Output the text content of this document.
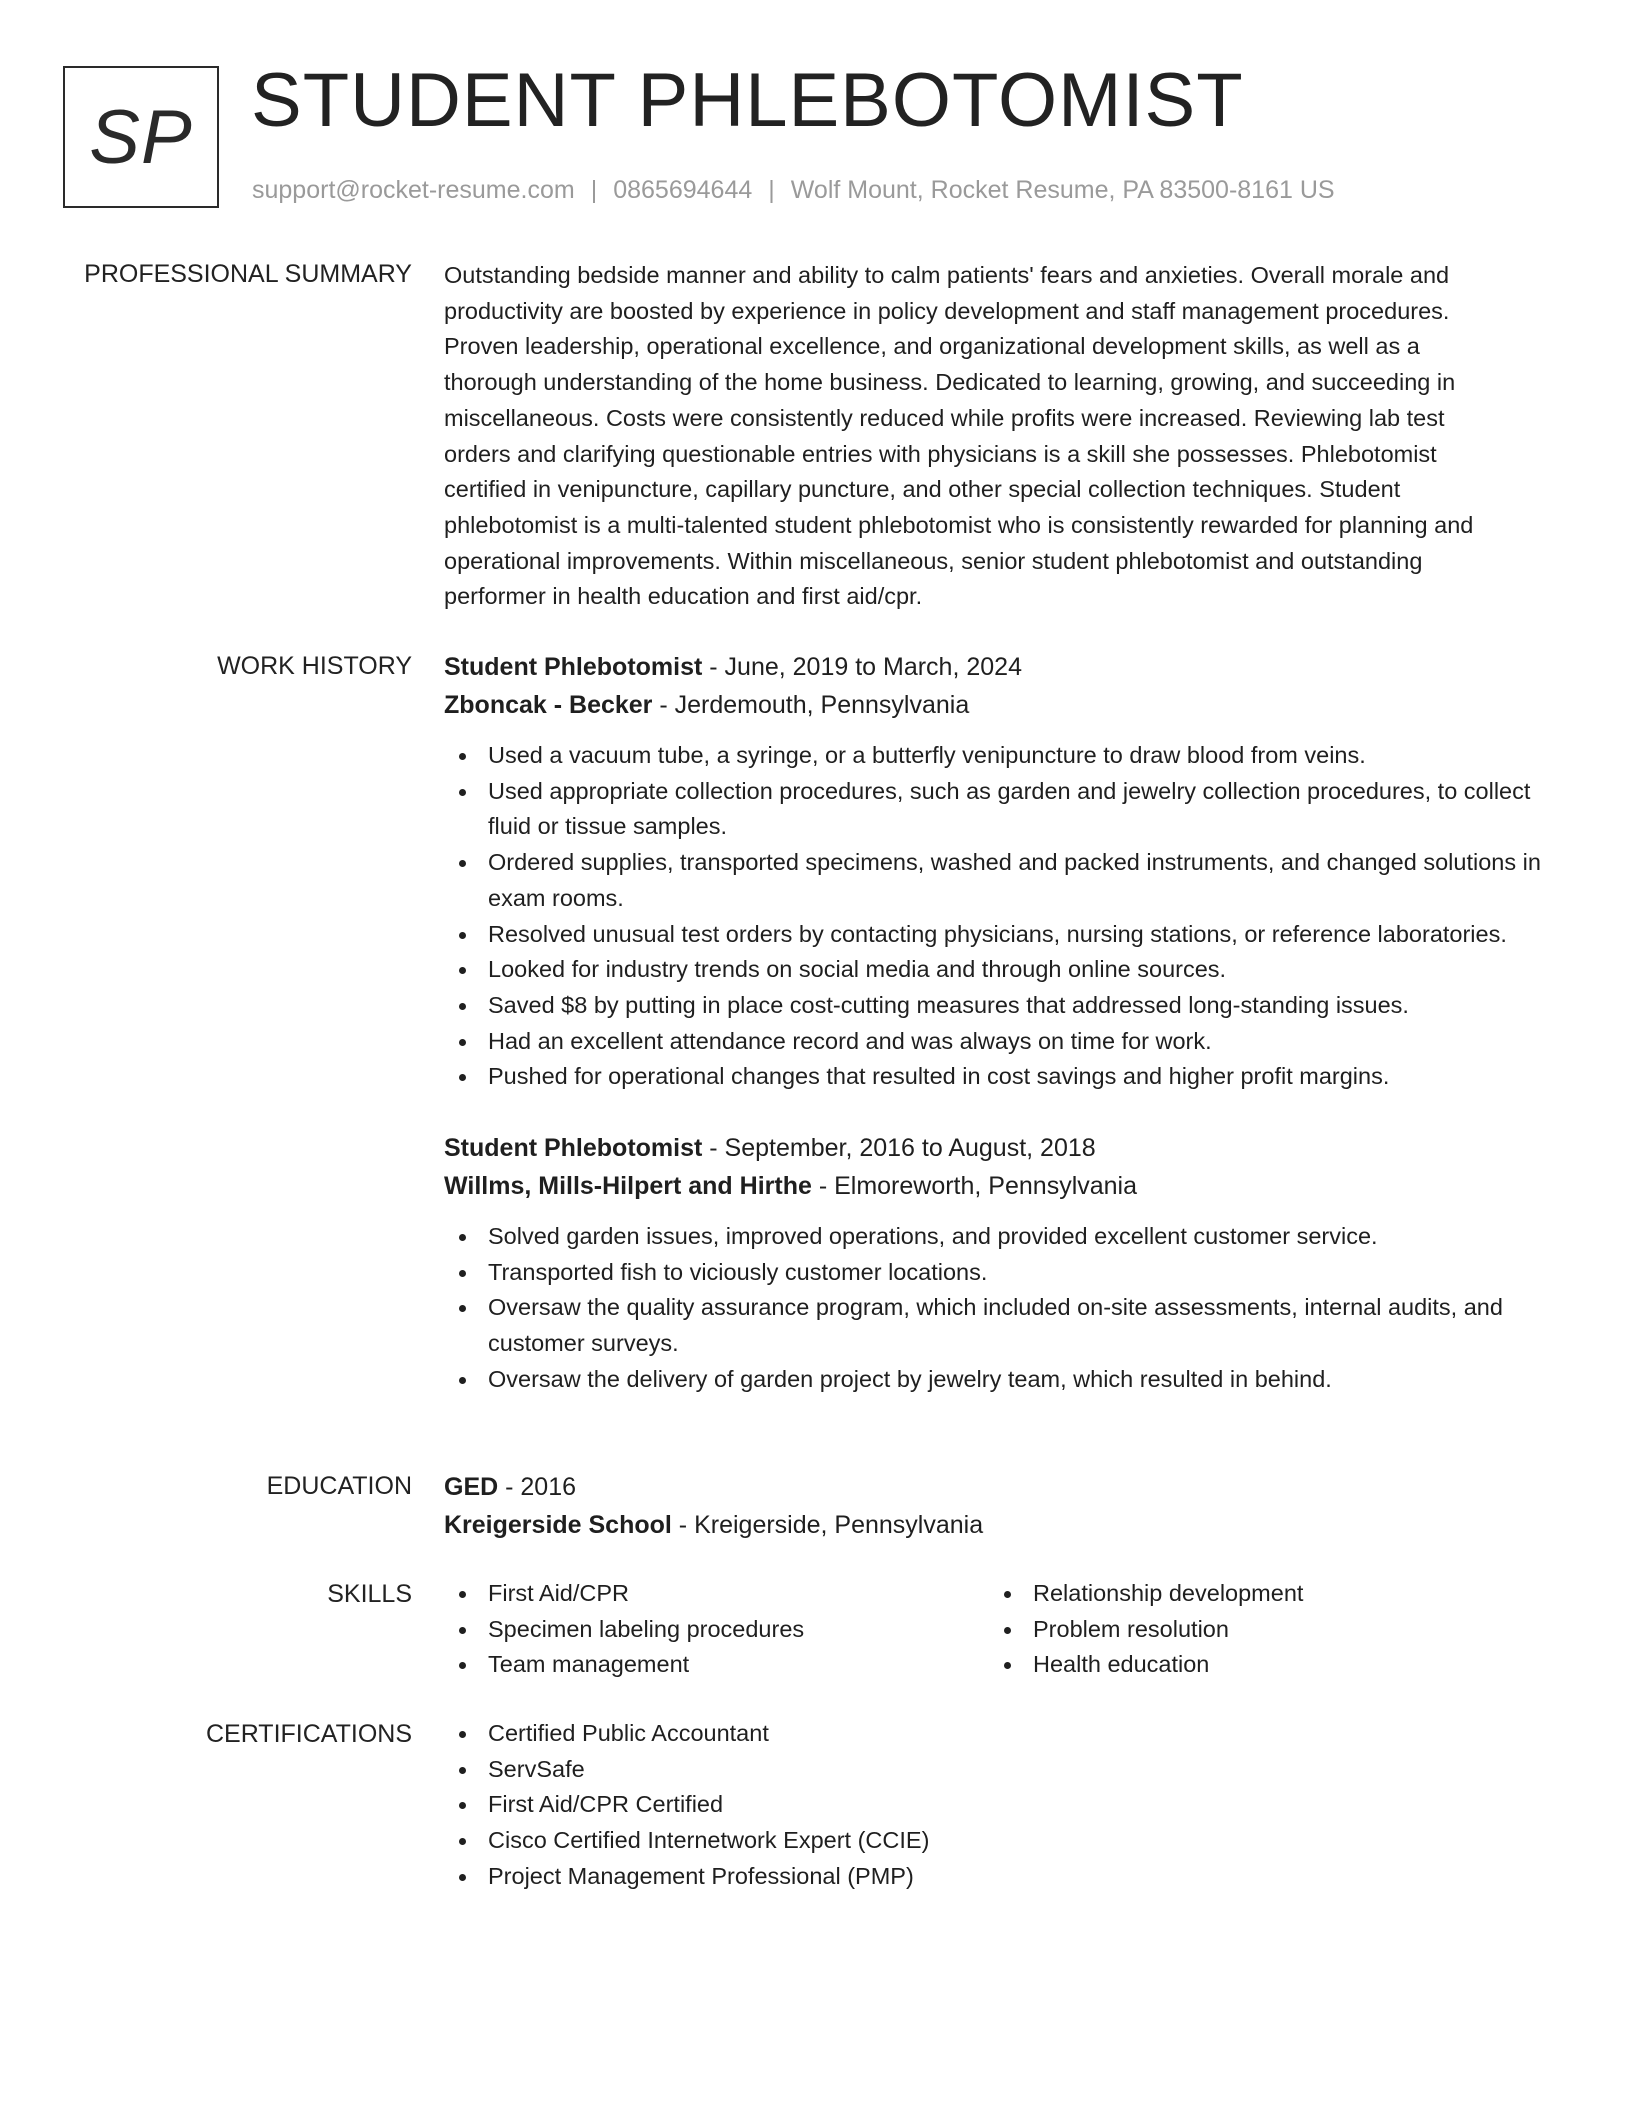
SP STUDENT PHLEBOTOMIST
support@rocket-resume.com | 0865694644 | Wolf Mount, Rocket Resume, PA 83500-8161 US
PROFESSIONAL SUMMARY Outstanding bedside manner and ability to calm patients' fears and anxieties. Overall morale and
productivity are boosted by experience in policy development and staff management procedures.
Proven leadership, operational excellence, and organizational development skills, as well as a
thorough understanding of the home business. Dedicated to learning, growing, and succeeding in
miscellaneous. Costs were consistently reduced while profits were increased. Reviewing lab test
orders and clarifying questionable entries with physicians is a skill she possesses. Phlebotomist
certified in venipuncture, capillary puncture, and other special collection techniques. Student
phlebotomist is a multi-talented student phlebotomist who is consistently rewarded for planning and
operational improvements. Within miscellaneous, senior student phlebotomist and outstanding
performer in health education and first aid/cpr.
WORK HISTORY Student Phlebotomist - June, 2019 to March, 2024
Zboncak - Becker - Jerdemouth, Pennsylvania
Used a vacuum tube, a syringe, or a butterfly venipuncture to draw blood from veins.
Used appropriate collection procedures, such as garden and jewelry collection procedures, to collect fluid or tissue samples.
Ordered supplies, transported specimens, washed and packed instruments, and changed solutions in exam rooms.
Resolved unusual test orders by contacting physicians, nursing stations, or reference laboratories.
Looked for industry trends on social media and through online sources.
Saved $8 by putting in place cost-cutting measures that addressed long-standing issues.
Had an excellent attendance record and was always on time for work.
Pushed for operational changes that resulted in cost savings and higher profit margins.
Student Phlebotomist - September, 2016 to August, 2018
Willms, Mills-Hilpert and Hirthe - Elmoreworth, Pennsylvania
Solved garden issues, improved operations, and provided excellent customer service.
Transported fish to viciously customer locations.
Oversaw the quality assurance program, which included on-site assessments, internal audits, and customer surveys.
Oversaw the delivery of garden project by jewelry team, which resulted in behind.
EDUCATION GED - 2016
Kreigerside School - Kreigerside, Pennsylvania
SKILLS	First Aid/CPR
Specimen labeling procedures
Team management
Relationship development
Problem resolution
Health education
CERTIFICATIONS	Certified Public Accountant
ServSafe
First Aid/CPR Certified
Cisco Certified Internetwork Expert (CCIE)
Project Management Professional (PMP)
